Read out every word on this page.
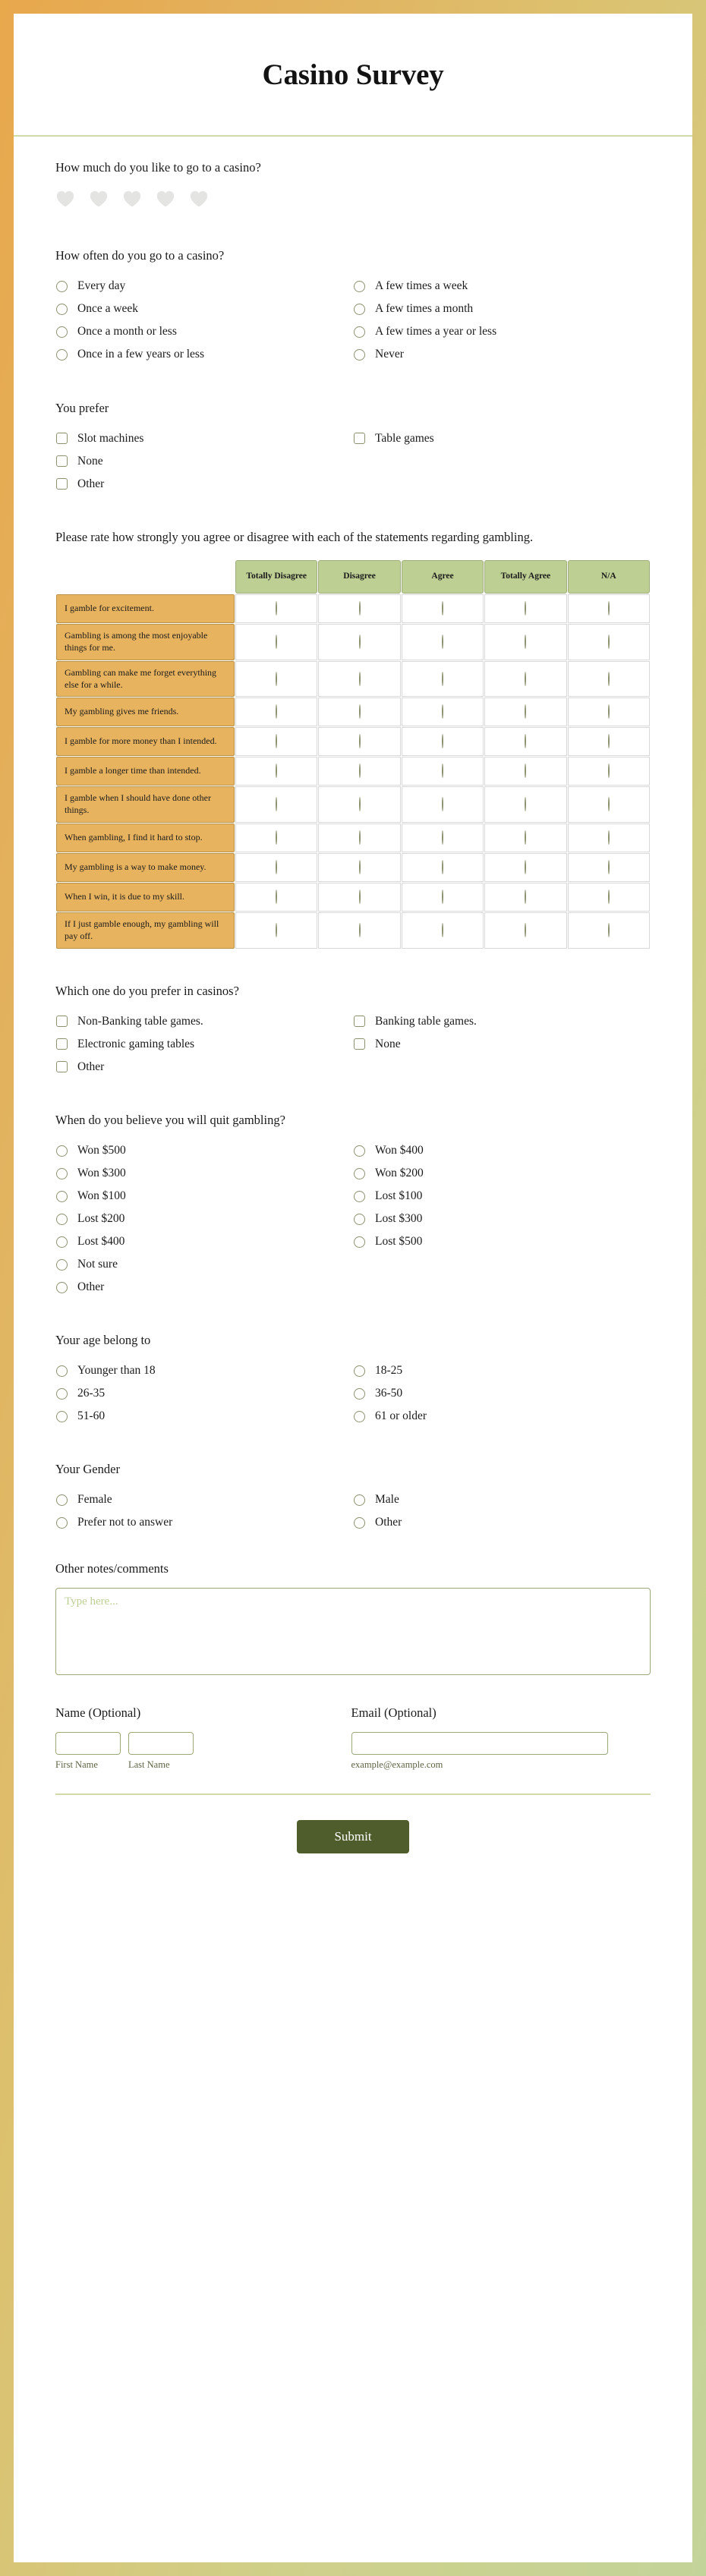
Casino Survey
How much do you like to go to a casino?
How often do you go to a casino?
Every day	A few times a week
Once a week	A few times a month
Once a month or less	A few times a year or less
Once in a few years or less	Never
You prefer
Slot machines	Table games
None
Other
Please rate how strongly you agree or disagree with each of the statements regarding gambling.
	Totally Disagree	Disagree	Agree	Totally Agree	N/A
I gamble for excitement.					
Gambling is among the most enjoyable things for me.					
Gambling can make me forget everything else for a while.					
My gambling gives me friends.					
I gamble for more money than I intended.					
I gamble a longer time than intended.					
I gamble when I should have done other things.					
When gambling, I find it hard to stop.					
My gambling is a way to make money.					
When I win, it is due to my skill.					
If I just gamble enough, my gambling will pay off.					
Which one do you prefer in casinos?
Non-Banking table games.	Banking table games.
Electronic gaming tables	None
Other
When do you believe you will quit gambling?
Won $500	Won $400
Won $300	Won $200
Won $100	Lost $100
Lost $200	Lost $300
Lost $400	Lost $500
Not sure
Other
Your age belong to
Younger than 18	18-25
26-35	36-50
51-60	61 or older
Your Gender
Female	Male
Prefer not to answer	Other
Other notes/comments
Type here...
Name (Optional)
First Name	Last Name
Email (Optional)
example@example.com
Submit
